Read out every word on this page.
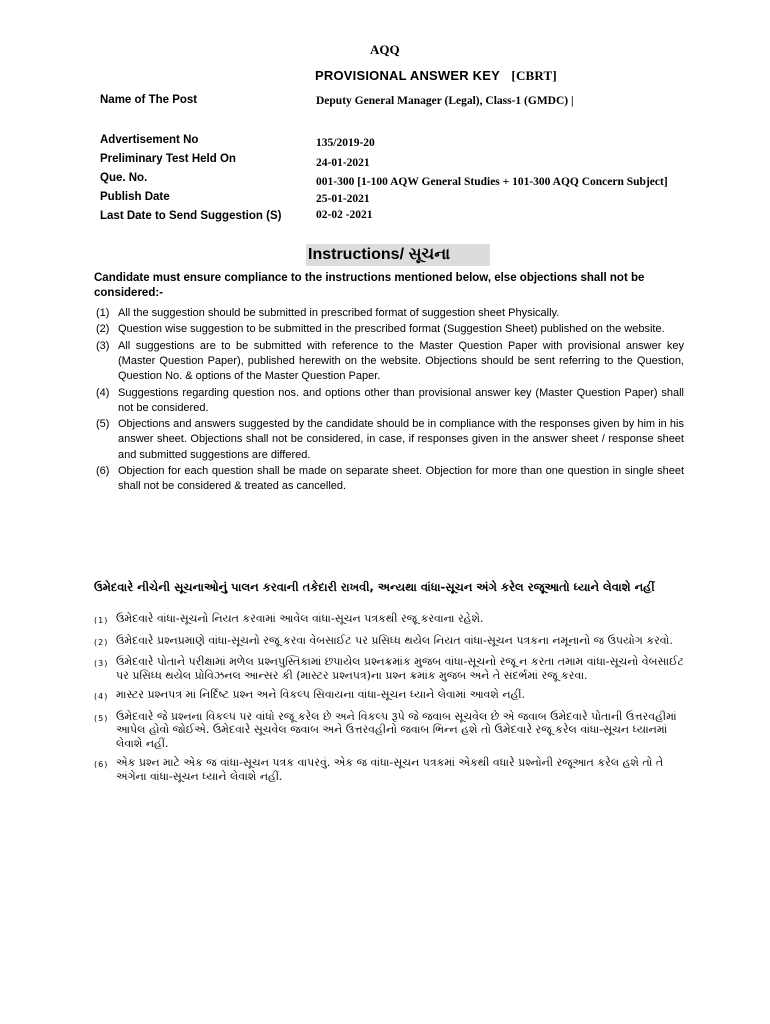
AQQ
PROVISIONAL ANSWER KEY [CBRT]
Name of The Post	Deputy General Manager (Legal), Class-1 (GMDC) |
Advertisement No	135/2019-20
Preliminary Test Held On	24-01-2021
Que. No.	001-300 [1-100 AQW General Studies + 101-300 AQQ Concern Subject]
Publish Date	25-01-2021
Last Date to Send Suggestion (S)	02-02 -2021
Instructions/ સૂચના
Candidate must ensure compliance to the instructions mentioned below, else objections shall not be considered:-
(1) All the suggestion should be submitted in prescribed format of suggestion sheet Physically.
(2) Question wise suggestion to be submitted in the prescribed format (Suggestion Sheet) published on the website.
(3) All suggestions are to be submitted with reference to the Master Question Paper with provisional answer key (Master Question Paper), published herewith on the website. Objections should be sent referring to the Question, Question No. & options of the Master Question Paper.
(4) Suggestions regarding question nos. and options other than provisional answer key (Master Question Paper) shall not be considered.
(5) Objections and answers suggested by the candidate should be in compliance with the responses given by him in his answer sheet. Objections shall not be considered, in case, if responses given in the answer sheet / response sheet and submitted suggestions are differed.
(6) Objection for each question shall be made on separate sheet. Objection for more than one question in single sheet shall not be considered & treated as cancelled.
ઉમેદવારે નીચેની સૂચનાઓનું પાલન કરવાની તકેદારી રાખવી, અન્યથા વાંધા-સૂચન અંગે કરેલ રજૂઆતો ધ્યાને લેવાશે નહીં
(1) ઉમેદવારે વાંધા-સૂચનો નિયત કરવામાં આવેલ વાંધા-સૂચન પત્રકથી રજૂ કરવાના રહેશે.
(2) ઉમેદવારે પ્રશ્નપ્રમાણે વાંધા-સૂચનો રજૂ કરવા વેબસાઈટ પર પ્રસિધ્ધ થયેલ નિયત વાંધા-સૂચન પત્રકના નમૂનાનો જ ઉપયોગ કરવો.
(3) ઉમેદવારે પોતાને પરીક્ષામાં મળેલ પ્રશ્નપુસ્તિકામાં છપાયેલ પ્રશ્નક્રમાંક મુજબ વાંધા-સૂચનો રજૂ ન કરતા તમામ વાંધા-સૂચનો વેબસાઈટ પર પ્રસિધ્ધ થયેલ પ્રોવિઝનલ આન્સર કી (માસ્ટર પ્રશ્નપત્ર)ના પ્રશ્ન ક્રમાંક મુજબ અને તે સંદર્ભમાં રજૂ કરવા.
(4) માસ્ટર પ્રશ્નપત્ર માં નિર્દિષ્ટ પ્રશ્ન અને વિકલ્પ સિવાયના વાંધા-સૂચન ધ્યાને લેવામાં આવશે નહીં.
(5) ઉમેદવારે જે પ્રશ્નના વિકલ્પ પર વાંધો રજૂ કરેલ છે અને વિકલ્પ રૂપે જે જવાબ સૂચવેલ છે એ જવાબ ઉમેદવારે પોતાની ઉત્તરવહીમાં આપેલ હોવો જોઈએ. ઉમેદવારે સૂચવેલ જવાબ અને ઉત્તરવહીનો જવાબ ભિન્ન હશે તો ઉમેદવારે રજૂ કરેલ વાંધા-સૂચન ધ્યાનમાં લેવાશે નહીં.
(6) એક પ્રશ્ન માટે એક જ વાંધા-સૂચન પત્રક વાપરવું. એક જ વાંધા-સૂચન પત્રકમાં એકથી વધારે પ્રશ્નોની રજૂઆત કરેલ હશે તો તે અંગેના વાંધા-સૂચન ધ્યાને લેવાશે નહીં.
